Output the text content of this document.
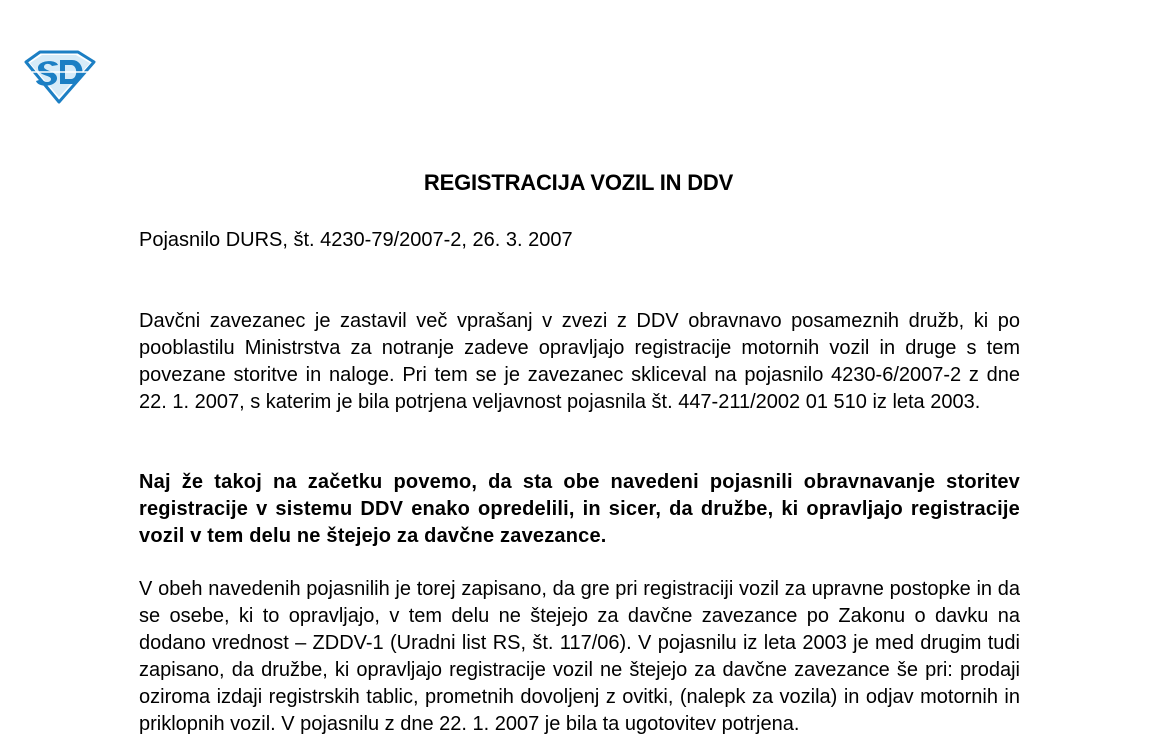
REGISTRACIJA VOZIL IN DDV

Pojasnilo DURS, št. 4230-79/2007-2, 26. 3. 2007

Davčni zavezanec je zastavil več vprašanj v zvezi z DDV obravnavo posameznih družb, ki po pooblastilu Ministrstva za notranje zadeve opravljajo registracije motornih vozil in druge s tem povezane storitve in naloge. Pri tem se je zavezanec skliceval na pojasnilo 4230-6/2007-2 z dne 22. 1. 2007, s katerim je bila potrjena veljavnost pojasnila št. 447-211/2002 01 510 iz leta 2003.

Naj že takoj na začetku povemo, da sta obe navedeni pojasnili obravnavanje storitev registracije v sistemu DDV enako opredelili, in sicer, da družbe, ki opravljajo registracije vozil v tem delu ne štejejo za davčne zavezance.

V obeh navedenih pojasnilih je torej zapisano, da gre pri registraciji vozil za upravne postopke in da se osebe, ki to opravljajo, v tem delu ne štejejo za davčne zavezance po Zakonu o davku na dodano vrednost – ZDDV-1 (Uradni list RS, št. 117/06). V pojasnilu iz leta 2003 je med drugim tudi zapisano, da družbe, ki opravljajo registracije vozil ne štejejo za davčne zavezance še pri: prodaji oziroma izdaji registrskih tablic, prometnih dovoljenj z ovitki, (nalepk za vozila) in odjav motornih in priklopnih vozil. V pojasnilu z dne 22. 1. 2007 je bila ta ugotovitev potrjena.
